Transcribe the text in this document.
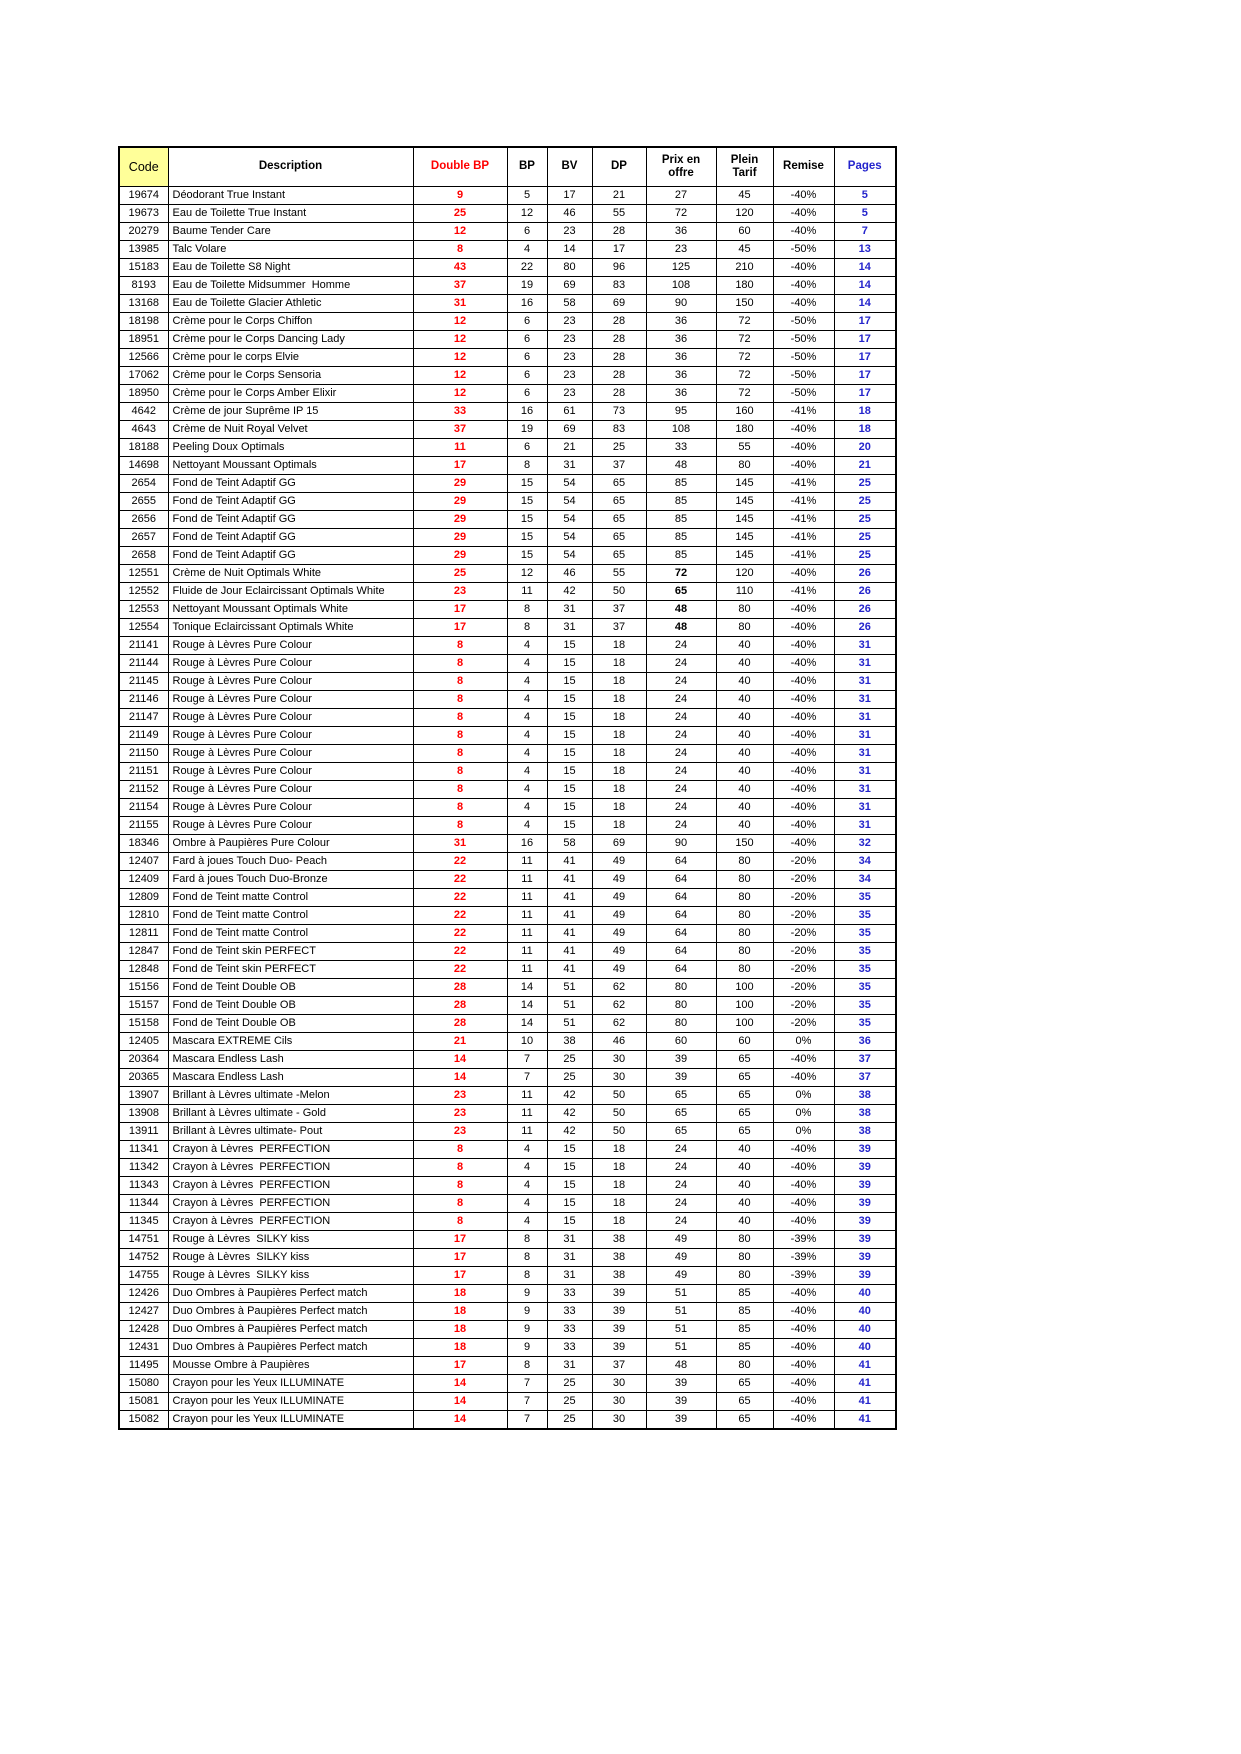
Code	Description	Double BP	BP	BV	DP	Prix en offre	Plein Tarif	Remise	Pages
19674	Déodorant True Instant	9	5	17	21	27	45	-40%	5
19673	Eau de Toilette True Instant	25	12	46	55	72	120	-40%	5
20279	Baume Tender Care	12	6	23	28	36	60	-40%	7
13985	Talc Volare	8	4	14	17	23	45	-50%	13
15183	Eau de Toilette S8 Night	43	22	80	96	125	210	-40%	14
8193	Eau de Toilette Midsummer  Homme	37	19	69	83	108	180	-40%	14
13168	Eau de Toilette Glacier Athletic	31	16	58	69	90	150	-40%	14
18198	Crème pour le Corps Chiffon	12	6	23	28	36	72	-50%	17
18951	Crème pour le Corps Dancing Lady	12	6	23	28	36	72	-50%	17
12566	Crème pour le corps Elvie	12	6	23	28	36	72	-50%	17
17062	Crème pour le Corps Sensoria	12	6	23	28	36	72	-50%	17
18950	Crème pour le Corps Amber Elixir	12	6	23	28	36	72	-50%	17
4642	Crème de jour Suprême IP 15	33	16	61	73	95	160	-41%	18
4643	Crème de Nuit Royal Velvet	37	19	69	83	108	180	-40%	18
18188	Peeling Doux Optimals	11	6	21	25	33	55	-40%	20
14698	Nettoyant Moussant Optimals	17	8	31	37	48	80	-40%	21
2654	Fond de Teint Adaptif GG	29	15	54	65	85	145	-41%	25
2655	Fond de Teint Adaptif GG	29	15	54	65	85	145	-41%	25
2656	Fond de Teint Adaptif GG	29	15	54	65	85	145	-41%	25
2657	Fond de Teint Adaptif GG	29	15	54	65	85	145	-41%	25
2658	Fond de Teint Adaptif GG	29	15	54	65	85	145	-41%	25
12551	Crème de Nuit Optimals White	25	12	46	55	72	120	-40%	26
12552	Fluide de Jour Eclaircissant Optimals White	23	11	42	50	65	110	-41%	26
12553	Nettoyant Moussant Optimals White	17	8	31	37	48	80	-40%	26
12554	Tonique Eclaircissant Optimals White	17	8	31	37	48	80	-40%	26
21141	Rouge à Lèvres Pure Colour	8	4	15	18	24	40	-40%	31
21144	Rouge à Lèvres Pure Colour	8	4	15	18	24	40	-40%	31
21145	Rouge à Lèvres Pure Colour	8	4	15	18	24	40	-40%	31
21146	Rouge à Lèvres Pure Colour	8	4	15	18	24	40	-40%	31
21147	Rouge à Lèvres Pure Colour	8	4	15	18	24	40	-40%	31
21149	Rouge à Lèvres Pure Colour	8	4	15	18	24	40	-40%	31
21150	Rouge à Lèvres Pure Colour	8	4	15	18	24	40	-40%	31
21151	Rouge à Lèvres Pure Colour	8	4	15	18	24	40	-40%	31
21152	Rouge à Lèvres Pure Colour	8	4	15	18	24	40	-40%	31
21154	Rouge à Lèvres Pure Colour	8	4	15	18	24	40	-40%	31
21155	Rouge à Lèvres Pure Colour	8	4	15	18	24	40	-40%	31
18346	Ombre à Paupières Pure Colour	31	16	58	69	90	150	-40%	32
12407	Fard à joues Touch Duo- Peach	22	11	41	49	64	80	-20%	34
12409	Fard à joues Touch Duo-Bronze	22	11	41	49	64	80	-20%	34
12809	Fond de Teint matte Control	22	11	41	49	64	80	-20%	35
12810	Fond de Teint matte Control	22	11	41	49	64	80	-20%	35
12811	Fond de Teint matte Control	22	11	41	49	64	80	-20%	35
12847	Fond de Teint skin PERFECT	22	11	41	49	64	80	-20%	35
12848	Fond de Teint skin PERFECT	22	11	41	49	64	80	-20%	35
15156	Fond de Teint Double OB	28	14	51	62	80	100	-20%	35
15157	Fond de Teint Double OB	28	14	51	62	80	100	-20%	35
15158	Fond de Teint Double OB	28	14	51	62	80	100	-20%	35
12405	Mascara EXTREME Cils	21	10	38	46	60	60	0%	36
20364	Mascara Endless Lash	14	7	25	30	39	65	-40%	37
20365	Mascara Endless Lash	14	7	25	30	39	65	-40%	37
13907	Brillant à Lèvres ultimate -Melon	23	11	42	50	65	65	0%	38
13908	Brillant à Lèvres ultimate - Gold	23	11	42	50	65	65	0%	38
13911	Brillant à Lèvres ultimate- Pout	23	11	42	50	65	65	0%	38
11341	Crayon à Lèvres  PERFECTION	8	4	15	18	24	40	-40%	39
11342	Crayon à Lèvres  PERFECTION	8	4	15	18	24	40	-40%	39
11343	Crayon à Lèvres  PERFECTION	8	4	15	18	24	40	-40%	39
11344	Crayon à Lèvres  PERFECTION	8	4	15	18	24	40	-40%	39
11345	Crayon à Lèvres  PERFECTION	8	4	15	18	24	40	-40%	39
14751	Rouge à Lèvres  SILKY kiss	17	8	31	38	49	80	-39%	39
14752	Rouge à Lèvres  SILKY kiss	17	8	31	38	49	80	-39%	39
14755	Rouge à Lèvres  SILKY kiss	17	8	31	38	49	80	-39%	39
12426	Duo Ombres à Paupières Perfect match	18	9	33	39	51	85	-40%	40
12427	Duo Ombres à Paupières Perfect match	18	9	33	39	51	85	-40%	40
12428	Duo Ombres à Paupières Perfect match	18	9	33	39	51	85	-40%	40
12431	Duo Ombres à Paupières Perfect match	18	9	33	39	51	85	-40%	40
11495	Mousse Ombre à Paupières	17	8	31	37	48	80	-40%	41
15080	Crayon pour les Yeux ILLUMINATE	14	7	25	30	39	65	-40%	41
15081	Crayon pour les Yeux ILLUMINATE	14	7	25	30	39	65	-40%	41
15082	Crayon pour les Yeux ILLUMINATE	14	7	25	30	39	65	-40%	41
